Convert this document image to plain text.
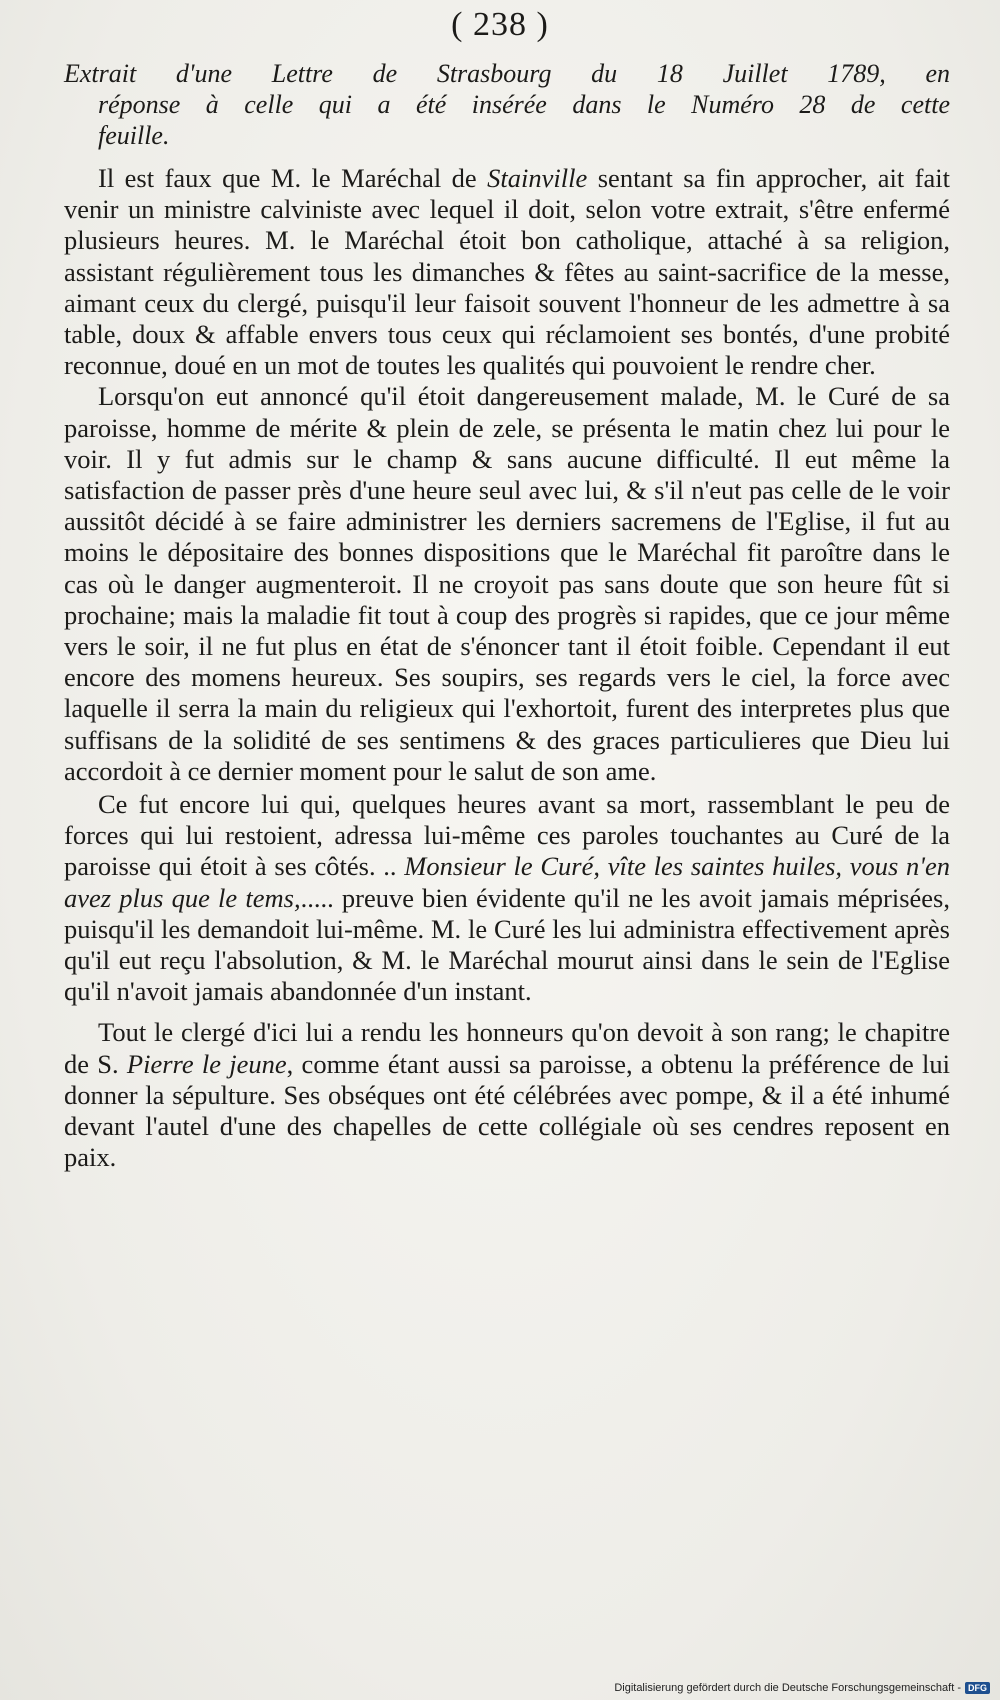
( 238 )
Extrait d'une Lettre de Strasbourg du 18 Juillet 1789, en
réponse à celle qui a été insérée dans le Numéro 28 de cette
feuille.

Il est faux que M. le Maréchal de Stainville sentant sa fin approcher, ait fait venir un ministre calviniste avec lequel il doit, selon votre extrait, s'être enfermé plusieurs heures. M. le Maréchal étoit bon catholique, attaché à sa religion, assistant régulièrement tous les dimanches & fêtes au saint-sacrifice de la messe, aimant ceux du clergé, puisqu'il leur faisoit souvent l'honneur de les admettre à sa table, doux & affable envers tous ceux qui réclamoient ses bontés, d'une probité reconnue, doué en un mot de toutes les qualités qui pouvoient le rendre cher.

Lorsqu'on eut annoncé qu'il étoit dangereusement malade, M. le Curé de sa paroisse, homme de mérite & plein de zele, se présenta le matin chez lui pour le voir. Il y fut admis sur le champ & sans aucune difficulté. Il eut même la satisfaction de passer près d'une heure seul avec lui, & s'il n'eut pas celle de le voir aussitôt décidé à se faire administrer les derniers sacremens de l'Eglise, il fut au moins le dépositaire des bonnes dispositions que le Maréchal fit paroître dans le cas où le danger augmenteroit. Il ne croyoit pas sans doute que son heure fût si prochaine; mais la maladie fit tout à coup des progrès si rapides, que ce jour même vers le soir, il ne fut plus en état de s'énoncer tant il étoit foible. Cependant il eut encore des momens heureux. Ses soupirs, ses regards vers le ciel, la force avec laquelle il serra la main du religieux qui l'exhortoit, furent des interpretes plus que suffisans de la solidité de ses sentimens & des graces particulieres que Dieu lui accordoit à ce dernier moment pour le salut de son ame.

Ce fut encore lui qui, quelques heures avant sa mort, rassemblant le peu de forces qui lui restoient, adressa lui-même ces paroles touchantes au Curé de la paroisse qui étoit à ses côtés. .. Monsieur le Curé, vîte les saintes huiles, vous n'en avez plus que le tems,..... preuve bien évidente qu'il ne les avoit jamais méprisées, puisqu'il les demandoit lui-même. M. le Curé les lui administra effectivement après qu'il eut reçu l'absolution, & M. le Maréchal mourut ainsi dans le sein de l'Eglise qu'il n'avoit jamais abandonnée d'un instant.

Tout le clergé d'ici lui a rendu les honneurs qu'on devoit à son rang; le chapitre de S. Pierre le jeune, comme étant aussi sa paroisse, a obtenu la préférence de lui donner la sépulture. Ses obséques ont été célébrées avec pompe, & il a été inhumé devant l'autel d'une des chapelles de cette collégiale où ses cendres reposent en paix.

Digitalisierung gefördert durch die Deutsche Forschungsgemeinschaft - DFG
